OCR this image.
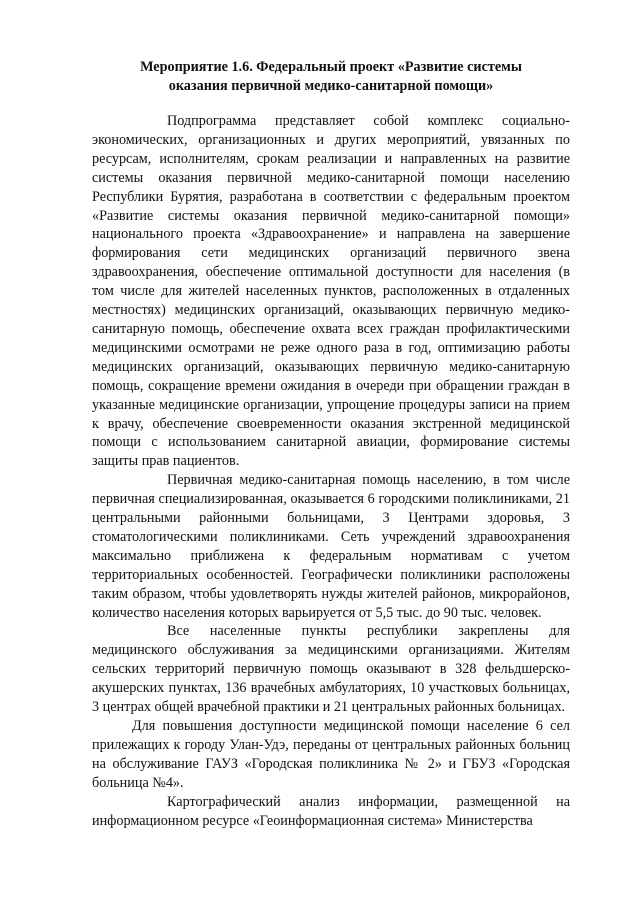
Мероприятие 1.6. Федеральный проект «Развитие системы
оказания первичной медико-санитарной помощи»

Подпрограмма представляет собой комплекс социально-экономических, организационных и других мероприятий, увязанных по ресурсам, исполнителям, срокам реализации и направленных на развитие системы оказания первичной медико-санитарной помощи населению Республики Бурятия, разработана в соответствии с федеральным проектом «Развитие системы оказания первичной медико-санитарной помощи» национального проекта «Здравоохранение» и направлена на завершение формирования сети медицинских организаций первичного звена здравоохранения, обеспечение оптимальной доступности для населения (в том числе для жителей населенных пунктов, расположенных в отдаленных местностях) медицинских организаций, оказывающих первичную медико-санитарную помощь, обеспечение охвата всех граждан профилактическими медицинскими осмотрами не реже одного раза в год, оптимизацию работы медицинских организаций, оказывающих первичную медико-санитарную помощь, сокращение времени ожидания в очереди при обращении граждан в указанные медицинские организации, упрощение процедуры записи на прием к врачу, обеспечение своевременности оказания экстренной медицинской помощи с использованием санитарной авиации, формирование системы защиты прав пациентов.

Первичная медико-санитарная помощь населению, в том числе первичная специализированная, оказывается 6 городскими поликлиниками, 21 центральными районными больницами, 3 Центрами здоровья, 3 стоматологическими поликлиниками. Сеть учреждений здравоохранения максимально приближена к федеральным нормативам с учетом территориальных особенностей. Географически поликлиники расположены таким образом, чтобы удовлетворять нужды жителей районов, микрорайонов, количество населения которых варьируется от 5,5 тыс. до 90 тыс. человек.

Все населенные пункты республики закреплены для медицинского обслуживания за медицинскими организациями. Жителям сельских территорий первичную помощь оказывают в 328 фельдшерско-акушерских пунктах, 136 врачебных амбулаториях, 10 участковых больницах, 3 центрах общей врачебной практики и 21 центральных районных больницах.

Для повышения доступности медицинской помощи население 6 сел прилежащих к городу Улан-Удэ, переданы от центральных районных больниц на обслуживание ГАУЗ «Городская поликлиника № 2» и ГБУЗ «Городская больница №4».

Картографический анализ информации, размещенной на информационном ресурсе «Геоинформационная система» Министерства
